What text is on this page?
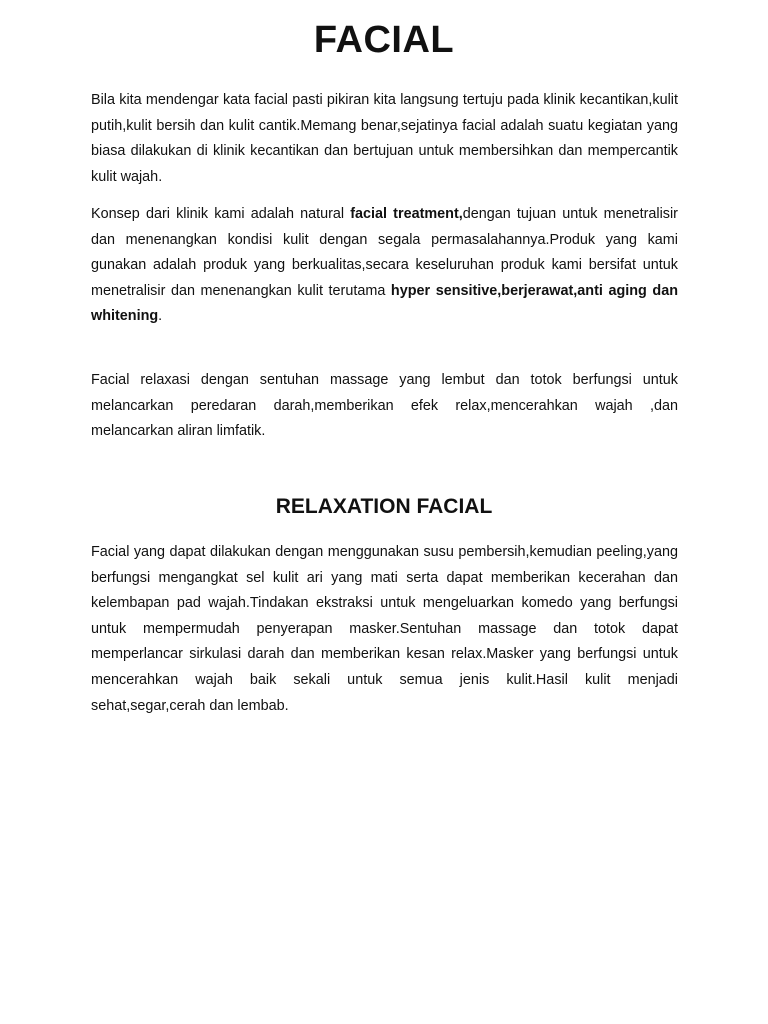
FACIAL

Bila kita mendengar kata facial pasti pikiran kita langsung tertuju pada klinik kecantikan,kulit putih,kulit bersih dan kulit cantik.Memang benar,sejatinya facial adalah suatu kegiatan yang biasa dilakukan di klinik kecantikan dan bertujuan untuk membersihkan dan mempercantik kulit wajah.

Konsep dari klinik kami adalah natural facial treatment,dengan tujuan untuk menetralisir dan menenangkan kondisi kulit dengan segala permasalahannya.Produk yang kami gunakan adalah produk yang berkualitas,secara keseluruhan produk kami bersifat untuk menetralisir dan menenangkan kulit terutama hyper sensitive,berjerawat,anti aging dan whitening.

Facial relaxasi dengan sentuhan massage yang lembut dan totok berfungsi untuk melancarkan peredaran darah,memberikan efek relax,mencerahkan wajah ,dan melancarkan aliran limfatik.

RELAXATION FACIAL

Facial yang dapat dilakukan dengan menggunakan susu pembersih,kemudian peeling,yang berfungsi mengangkat sel kulit ari yang mati serta dapat memberikan kecerahan dan kelembapan pad wajah.Tindakan ekstraksi untuk mengeluarkan komedo yang berfungsi untuk mempermudah penyerapan masker.Sentuhan massage dan totok dapat memperlancar sirkulasi darah dan memberikan kesan relax.Masker yang berfungsi untuk mencerahkan wajah baik sekali untuk semua jenis kulit.Hasil kulit menjadi sehat,segar,cerah dan lembab.
